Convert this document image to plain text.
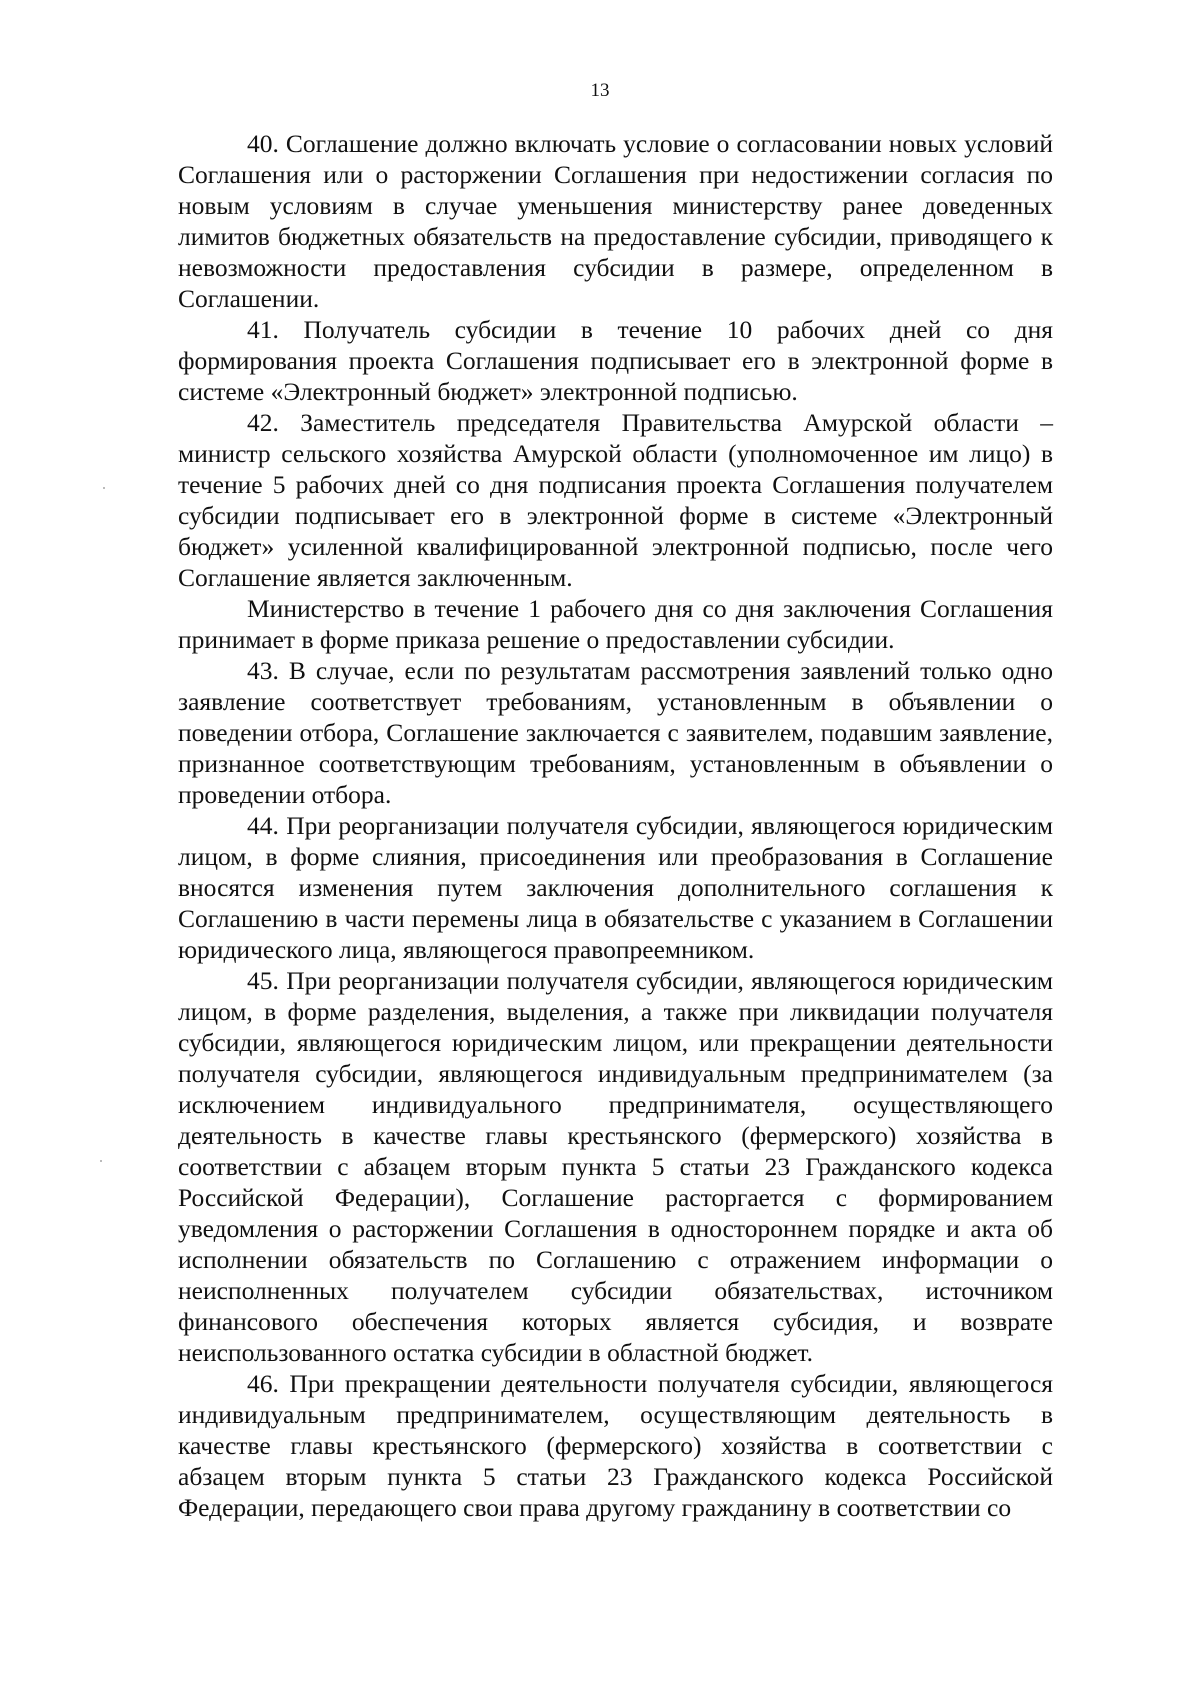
13

40. Соглашение должно включать условие о согласовании новых условий Соглашения или о расторжении Соглашения при недостижении согласия по новым условиям в случае уменьшения министерству ранее доведенных лимитов бюджетных обязательств на предоставление субсидии, приводящего к невозможности предоставления субсидии в размере, определенном в Соглашении.

41. Получатель субсидии в течение 10 рабочих дней со дня формирования проекта Соглашения подписывает его в электронной форме в системе «Электронный бюджет» электронной подписью.

42. Заместитель председателя Правительства Амурской области – министр сельского хозяйства Амурской области (уполномоченное им лицо) в течение 5 рабочих дней со дня подписания проекта Соглашения получателем субсидии подписывает его в электронной форме в системе «Электронный бюджет» усиленной квалифицированной электронной подписью, после чего Соглашение является заключенным.

Министерство в течение 1 рабочего дня со дня заключения Соглашения принимает в форме приказа решение о предоставлении субсидии.

43. В случае, если по результатам рассмотрения заявлений только одно заявление соответствует требованиям, установленным в объявлении о поведении отбора, Соглашение заключается с заявителем, подавшим заявление, признанное соответствующим требованиям, установленным в объявлении о проведении отбора.

44. При реорганизации получателя субсидии, являющегося юридическим лицом, в форме слияния, присоединения или преобразования в Соглашение вносятся изменения путем заключения дополнительного соглашения к Соглашению в части перемены лица в обязательстве с указанием в Соглашении юридического лица, являющегося правопреемником.

45. При реорганизации получателя субсидии, являющегося юридическим лицом, в форме разделения, выделения, а также при ликвидации получателя субсидии, являющегося юридическим лицом, или прекращении деятельности получателя субсидии, являющегося индивидуальным предпринимателем (за исключением индивидуального предпринимателя, осуществляющего деятельность в качестве главы крестьянского (фермерского) хозяйства в соответствии с абзацем вторым пункта 5 статьи 23 Гражданского кодекса Российской Федерации), Соглашение расторгается с формированием уведомления о расторжении Соглашения в одностороннем порядке и акта об исполнении обязательств по Соглашению с отражением информации о неисполненных получателем субсидии обязательствах, источником финансового обеспечения которых является субсидия, и возврате неиспользованного остатка субсидии в областной бюджет.

46. При прекращении деятельности получателя субсидии, являющегося индивидуальным предпринимателем, осуществляющим деятельность в качестве главы крестьянского (фермерского) хозяйства в соответствии с абзацем вторым пункта 5 статьи 23 Гражданского кодекса Российской Федерации, передающего свои права другому гражданину в соответствии со
